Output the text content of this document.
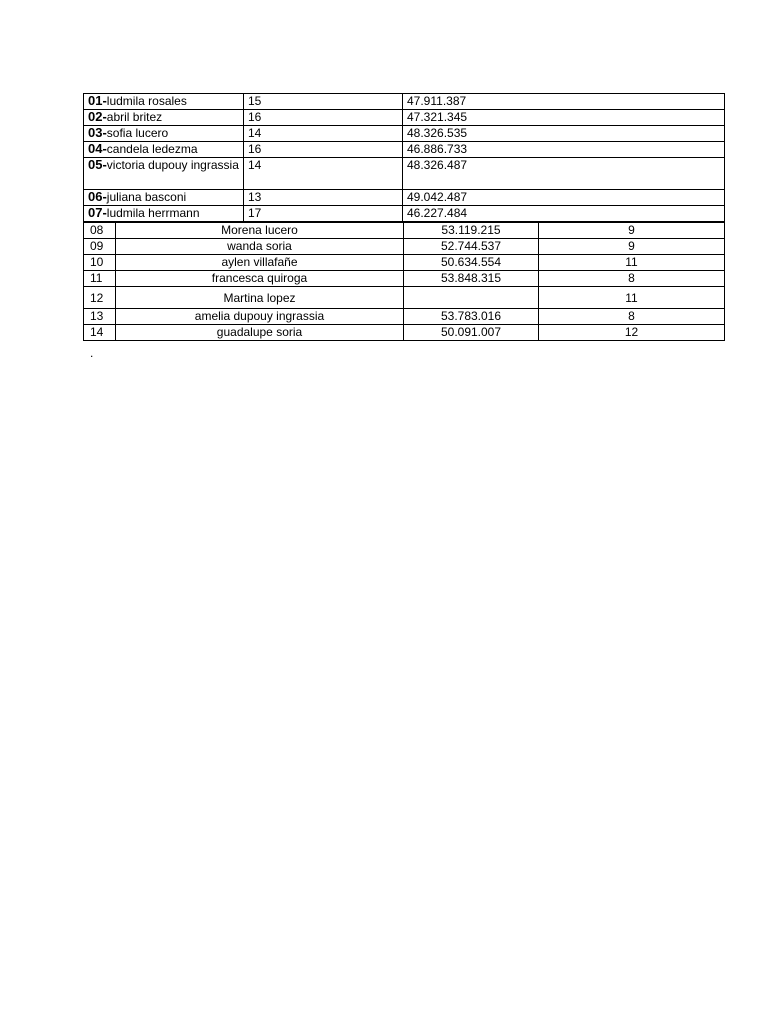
01-ludmila rosales	15	47.911.387
02-abril britez	16	47.321.345
03-sofia lucero	14	48.326.535
04-candela ledezma	16	46.886.733
05-victoria dupouy ingrassia	14	48.326.487
06-juliana basconi	13	49.042.487
07-ludmila herrmann	17	46.227.484
08	Morena lucero	53.119.215	9
09	wanda soria	52.744.537	9
10	aylen villafañe	50.634.554	11
11	francesca quiroga	53.848.315	8
12	Martina lopez		11
13	amelia dupouy ingrassia	53.783.016	8
14	guadalupe soria	50.091.007	12
.
